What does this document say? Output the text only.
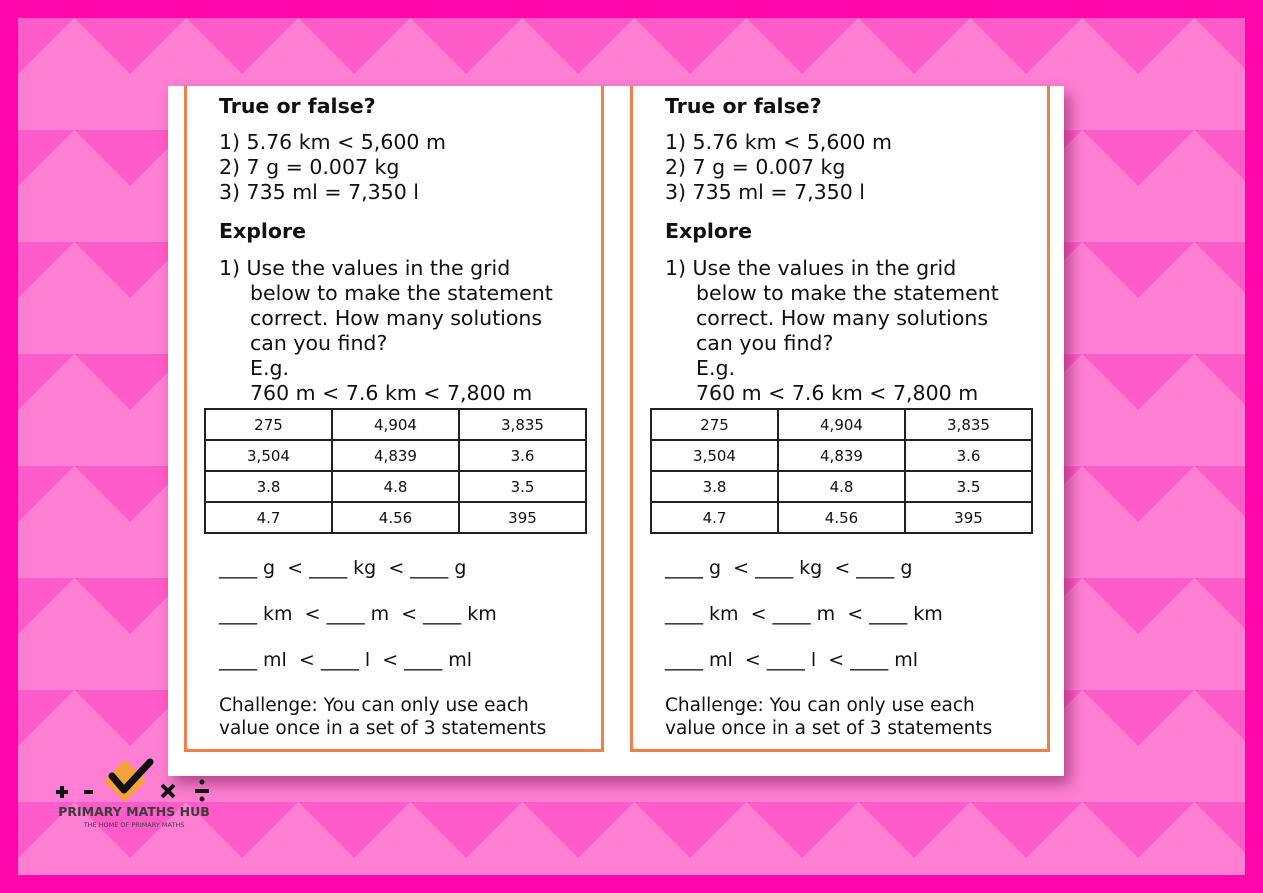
True or false?

1) 5.76 km < 5,600 m

2) 7 g = 0.007 kg

3) 735 ml = 7,350 l

Explore

1) Use the values in the grid

below to make the statement

correct. How many solutions

can you find?

E.g.

760 m < 7.6 km < 7,800 m

275	4,904	3,835
3,504	4,839	3.6
3.8	4.8	3.5
4.7	4.56	395
____ g  < ____ kg  < ____ g
____ km  < ____ m  < ____ km
____ ml  < ____ l  < ____ ml
Challenge: You can only use each
value once in a set of 3 statements

True or false?

1) 5.76 km < 5,600 m

2) 7 g = 0.007 kg

3) 735 ml = 7,350 l

Explore

1) Use the values in the grid

below to make the statement

correct. How many solutions

can you find?

E.g.

760 m < 7.6 km < 7,800 m

275	4,904	3,835
3,504	4,839	3.6
3.8	4.8	3.5
4.7	4.56	395
____ g  < ____ kg  < ____ g
____ km  < ____ m  < ____ km
____ ml  < ____ l  < ____ ml
Challenge: You can only use each
value once in a set of 3 statements
PRIMARY MATHS HUB
THE HOME OF PRIMARY MATHS
